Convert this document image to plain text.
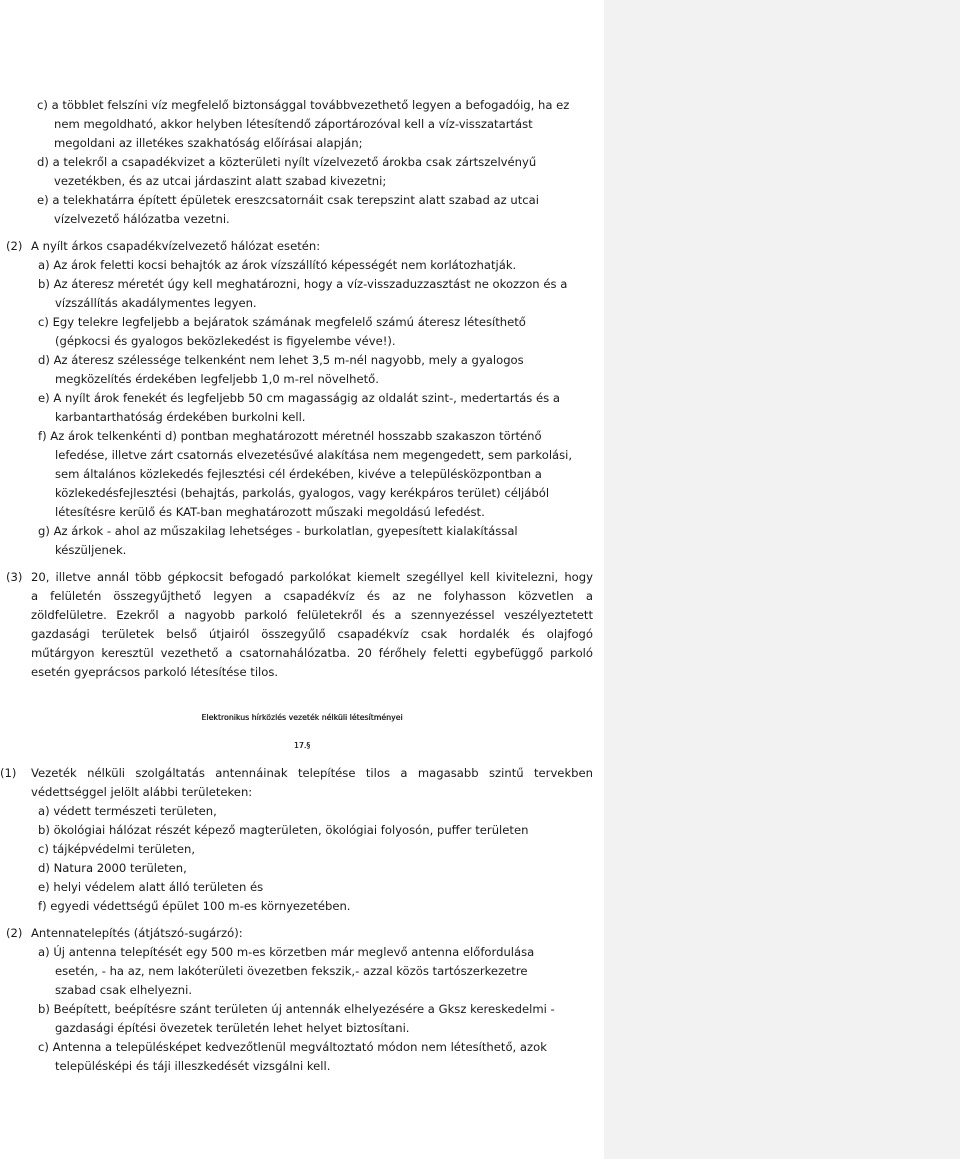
c) a többlet felszíni víz megfelelő biztonsággal továbbvezethető legyen a befogadóig, ha ez
nem megoldható, akkor helyben létesítendő záportározóval kell a víz-visszatartást
megoldani az illetékes szakhatóság előírásai alapján;
d) a telekről a csapadékvizet a közterületi nyílt vízelvezető árokba csak zártszelvényű
vezetékben, és az utcai járdaszint alatt szabad kivezetni;
e) a telekhatárra épített épületek ereszcsatornáit csak terepszint alatt szabad az utcai
vízelvezető hálózatba vezetni.
(2) A nyílt árkos csapadékvízelvezető hálózat esetén:
a) Az árok feletti kocsi behajtók az árok vízszállító képességét nem korlátozhatják.
b) Az áteresz méretét úgy kell meghatározni, hogy a víz-visszaduzzasztást ne okozzon és a
vízszállítás akadálymentes legyen.
c) Egy telekre legfeljebb a bejáratok számának megfelelő számú áteresz létesíthető
(gépkocsi és gyalogos beközlekedést is figyelembe véve!).
d) Az áteresz szélessége telkenként nem lehet 3,5 m-nél nagyobb, mely a gyalogos
megközelítés érdekében legfeljebb 1,0 m-rel növelhető.
e) A nyílt árok fenekét és legfeljebb 50 cm magasságig az oldalát szint-, medertartás és a
karbantarthatóság érdekében burkolni kell.
f) Az árok telkenkénti d) pontban meghatározott méretnél hosszabb szakaszon történő
lefedése, illetve zárt csatornás elvezetésűvé alakítása nem megengedett, sem parkolási,
sem általános közlekedés fejlesztési cél érdekében, kivéve a településközpontban a
közlekedésfejlesztési (behajtás, parkolás, gyalogos, vagy kerékpáros terület) céljából
létesítésre kerülő és KAT-ban meghatározott műszaki megoldású lefedést.
g) Az árkok - ahol az műszakilag lehetséges - burkolatlan, gyepesített kialakítással
készüljenek.
(3) 20, illetve annál több gépkocsit befogadó parkolókat kiemelt szegéllyel kell kivitelezni, hogy
a felületén összegyűjthető legyen a csapadékvíz és az ne folyhasson közvetlen a
zöldfelületre. Ezekről a nagyobb parkoló felületekről és a szennyezéssel veszélyeztetett
gazdasági területek belső útjairól összegyűlő csapadékvíz csak hordalék és olajfogó
műtárgyon keresztül vezethető a csatornahálózatba. 20 férőhely feletti egybefüggő parkoló
esetén gyeprácsos parkoló létesítése tilos.
Elektronikus hírközlés vezeték nélküli létesítményei
17.§
(1) Vezeték nélküli szolgáltatás antennáinak telepítése tilos a magasabb szintű tervekben
védettséggel jelölt alábbi területeken:
a) védett természeti területen,
b) ökológiai hálózat részét képező magterületen, ökológiai folyosón, puffer területen
c) tájképvédelmi területen,
d) Natura 2000 területen,
e) helyi védelem alatt álló területen és
f) egyedi védettségű épület 100 m-es környezetében.
(2) Antennatelepítés (átjátszó-sugárzó):
a) Új antenna telepítését egy 500 m-es körzetben már meglevő antenna előfordulása
esetén, - ha az, nem lakóterületi övezetben fekszik,- azzal közös tartószerkezetre
szabad csak elhelyezni.
b) Beépített, beépítésre szánt területen új antennák elhelyezésére a Gksz kereskedelmi -
gazdasági építési övezetek területén lehet helyet biztosítani.
c) Antenna a településképet kedvezőtlenül megváltoztató módon nem létesíthető, azok
településképi és táji illeszkedését vizsgálni kell.
